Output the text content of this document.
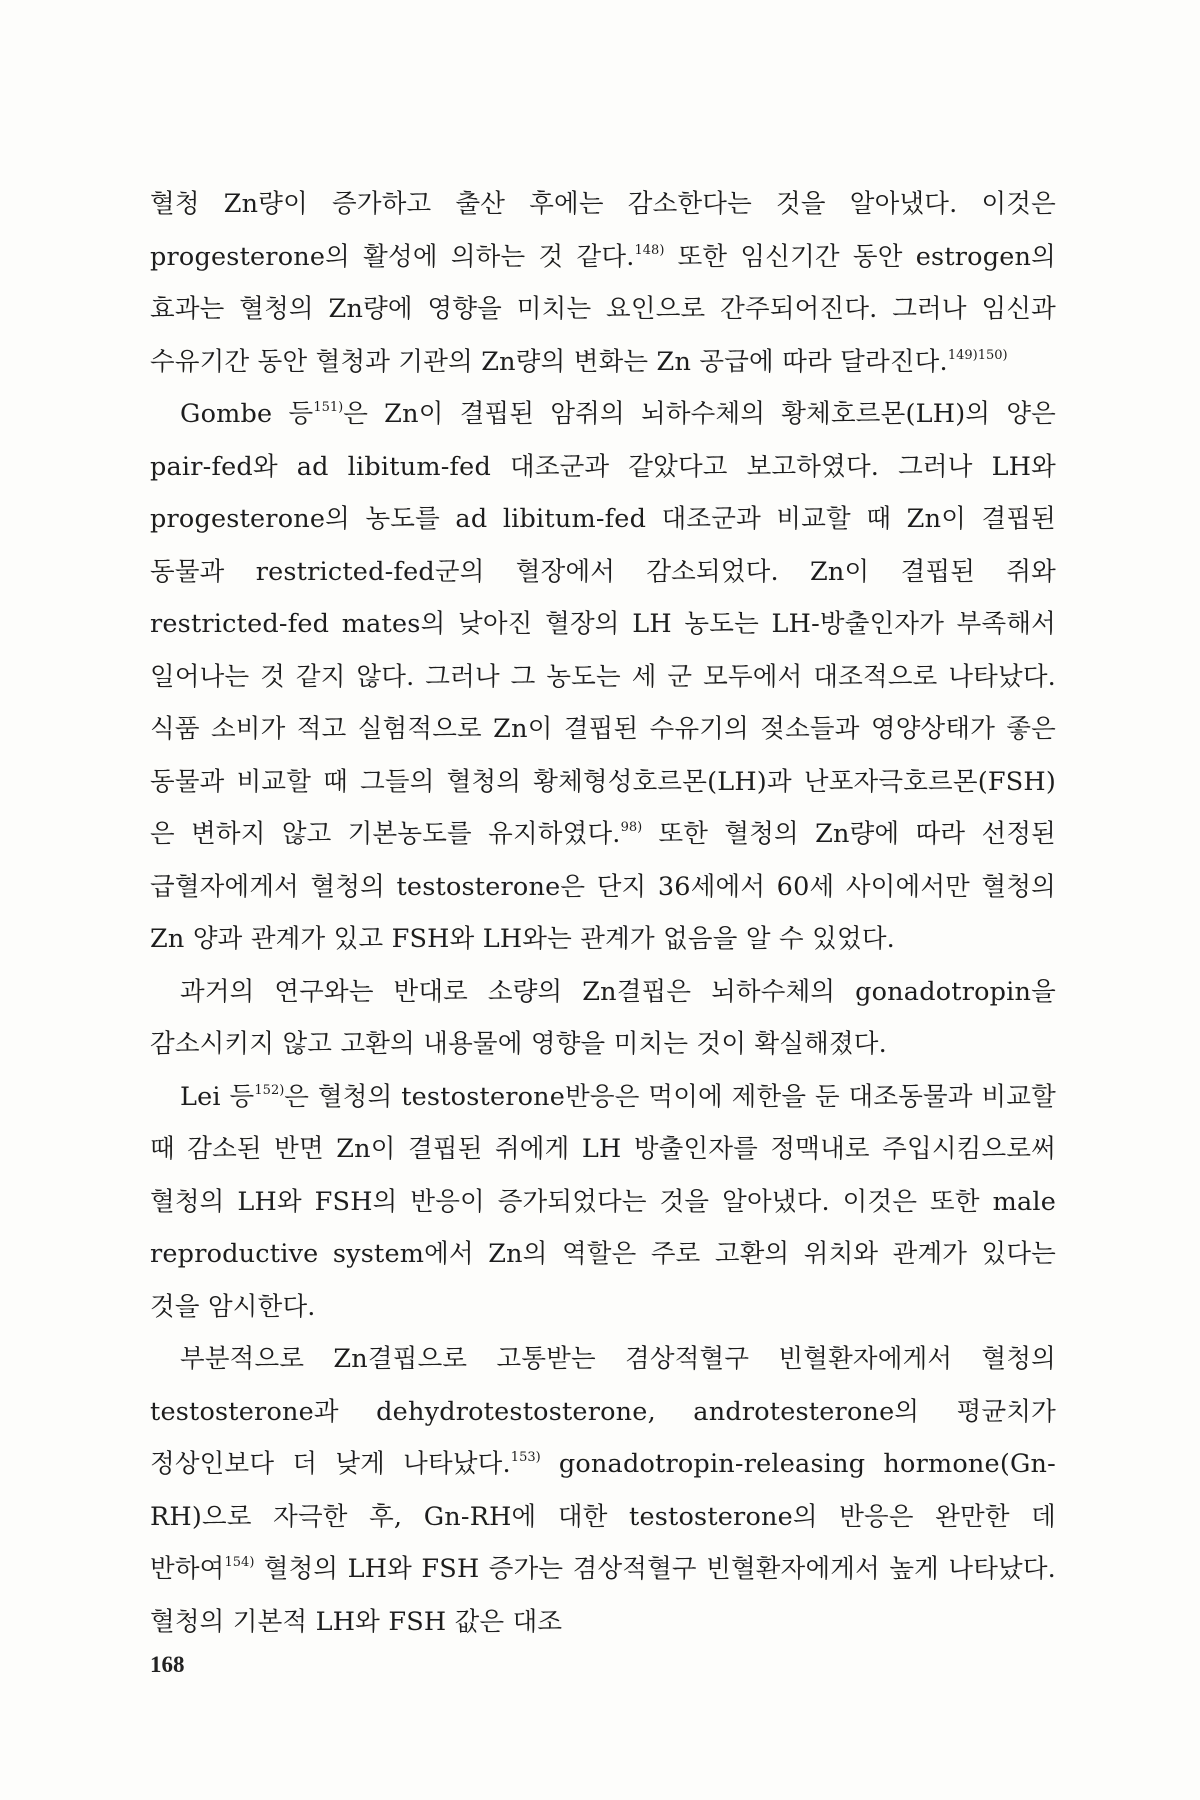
혈청 Zn량이 증가하고 출산 후에는 감소한다는 것을 알아냈다. 이것은 progesterone의 활성에 의하는 것 같다.$^{148)}$ 또한 임신기간 동안 estrogen의 효과는 혈청의 Zn량에 영향을 미치는 요인으로 간주되어진다. 그러나 임신과 수유기간 동안 혈청과 기관의 Zn량의 변화는 Zn 공급에 따라 달라진다.$^{149)150)}$

Gombe 등$^{151)}$은 Zn이 결핍된 암쥐의 뇌하수체의 황체호르몬(LH)의 양은 pair-fed와 ad libitum-fed 대조군과 같았다고 보고하였다. 그러나 LH와 progesterone의 농도를 ad libitum-fed 대조군과 비교할 때 Zn이 결핍된 동물과 restricted-fed군의 혈장에서 감소되었다. Zn이 결핍된 쥐와 restricted-fed mates의 낮아진 혈장의 LH 농도는 LH-방출인자가 부족해서 일어나는 것 같지 않다. 그러나 그 농도는 세 군 모두에서 대조적으로 나타났다. 식품 소비가 적고 실험적으로 Zn이 결핍된 수유기의 젖소들과 영양상태가 좋은 동물과 비교할 때 그들의 혈청의 황체형성호르몬(LH)과 난포자극호르몬(FSH)은 변하지 않고 기본농도를 유지하였다.$^{98)}$ 또한 혈청의 Zn량에 따라 선정된 급혈자에게서 혈청의 testosterone은 단지 36세에서 60세 사이에서만 혈청의 Zn 양과 관계가 있고 FSH와 LH와는 관계가 없음을 알 수 있었다.

과거의 연구와는 반대로 소량의 Zn결핍은 뇌하수체의 gonadotropin을 감소시키지 않고 고환의 내용물에 영향을 미치는 것이 확실해졌다.

Lei 등$^{152)}$은 혈청의 testosterone반응은 먹이에 제한을 둔 대조동물과 비교할 때 감소된 반면 Zn이 결핍된 쥐에게 LH 방출인자를 정맥내로 주입시킴으로써 혈청의 LH와 FSH의 반응이 증가되었다는 것을 알아냈다. 이것은 또한 male reproductive system에서 Zn의 역할은 주로 고환의 위치와 관계가 있다는 것을 암시한다.

부분적으로 Zn결핍으로 고통받는 겸상적혈구 빈혈환자에게서 혈청의 testosterone과 dehydrotestosterone, androtesterone의 평균치가 정상인보다 더 낮게 나타났다.$^{153)}$ gonadotropin-releasing hormone(Gn-RH)으로 자극한 후, Gn-RH에 대한 testosterone의 반응은 완만한 데 반하여$^{154)}$ 혈청의 LH와 FSH 증가는 겸상적혈구 빈혈환자에게서 높게 나타났다. 혈청의 기본적 LH와 FSH 값은 대조

168
